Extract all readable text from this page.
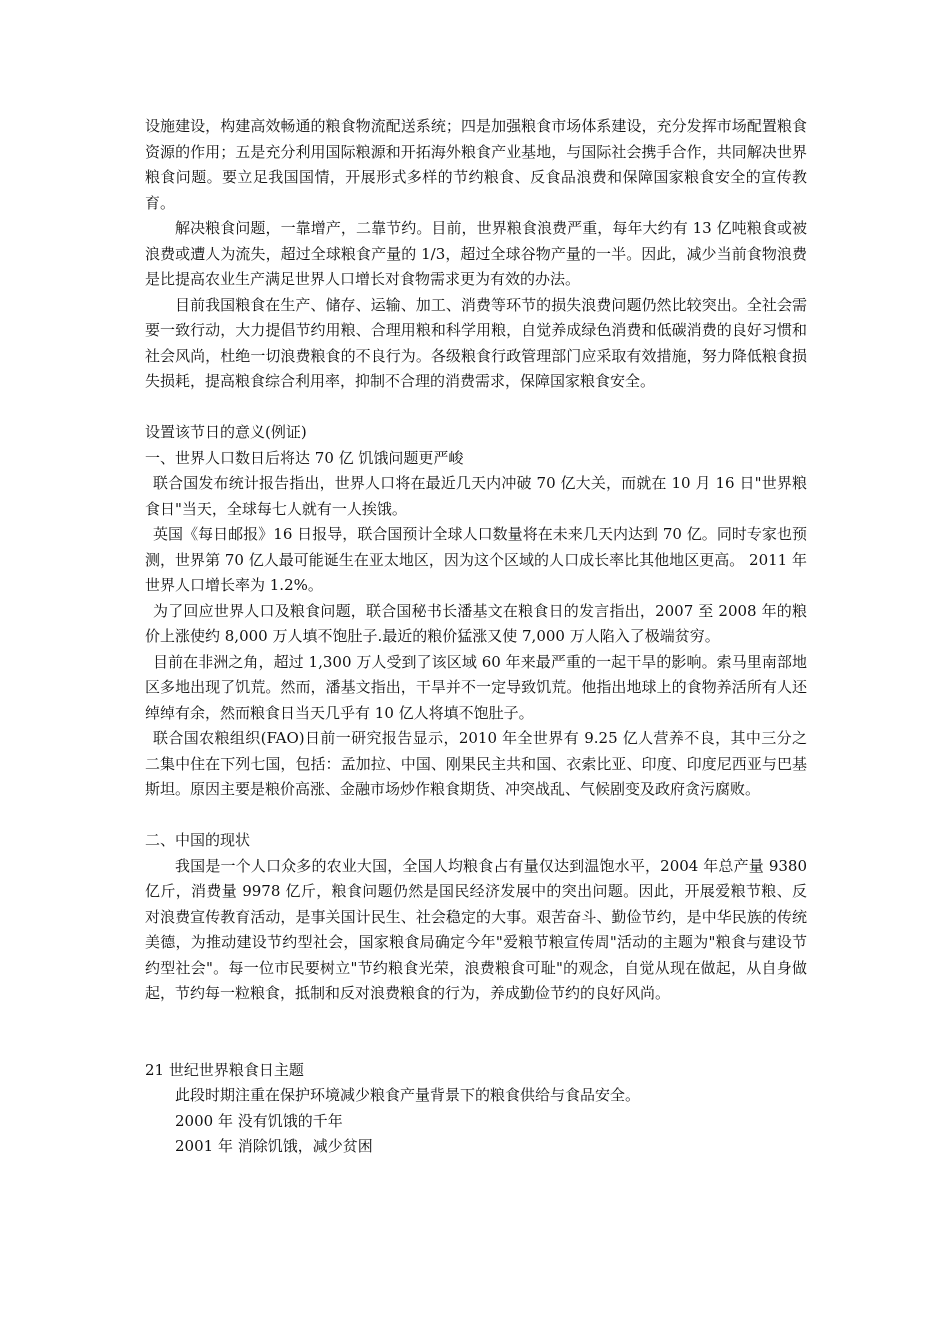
设施建设，构建高效畅通的粮食物流配送系统；四是加强粮食市场体系建设，充分发挥市场配置粮食资源的作用；五是充分利用国际粮源和开拓海外粮食产业基地，与国际社会携手合作，共同解决世界粮食问题。要立足我国国情，开展形式多样的节约粮食、反食品浪费和保障国家粮食安全的宣传教育。

解决粮食问题，一靠增产，二靠节约。目前，世界粮食浪费严重，每年大约有 13 亿吨粮食或被浪费或遭人为流失，超过全球粮食产量的 1/3，超过全球谷物产量的一半。因此，减少当前食物浪费是比提高农业生产满足世界人口增长对食物需求更为有效的办法。

目前我国粮食在生产、储存、运输、加工、消费等环节的损失浪费问题仍然比较突出。全社会需要一致行动，大力提倡节约用粮、合理用粮和科学用粮，自觉养成绿色消费和低碳消费的良好习惯和社会风尚，杜绝一切浪费粮食的不良行为。各级粮食行政管理部门应采取有效措施，努力降低粮食损失损耗，提高粮食综合利用率，抑制不合理的消费需求，保障国家粮食安全。

设置该节日的意义(例证)

一、世界人口数日后将达 70 亿 饥饿问题更严峻

联合国发布统计报告指出，世界人口将在最近几天内冲破 70 亿大关，而就在 10 月 16 日"世界粮食日"当天，全球每七人就有一人挨饿。

英国《每日邮报》16 日报导，联合国预计全球人口数量将在未来几天内达到 70 亿。同时专家也预测，世界第 70 亿人最可能诞生在亚太地区，因为这个区域的人口成长率比其他地区更高。 2011 年世界人口增长率为 1.2%。

为了回应世界人口及粮食问题，联合国秘书长潘基文在粮食日的发言指出，2007 至 2008 年的粮价上涨使约 8,000 万人填不饱肚子.最近的粮价猛涨又使 7,000 万人陷入了极端贫穷。

目前在非洲之角，超过 1,300 万人受到了该区域 60 年来最严重的一起干旱的影响。索马里南部地区多地出现了饥荒。然而，潘基文指出，干旱并不一定导致饥荒。他指出地球上的食物养活所有人还绰绰有余，然而粮食日当天几乎有 10 亿人将填不饱肚子。

联合国农粮组织(FAO)日前一研究报告显示，2010 年全世界有 9.25 亿人营养不良，其中三分之二集中住在下列七国，包括：孟加拉、中国、刚果民主共和国、衣索比亚、印度、印度尼西亚与巴基斯坦。原因主要是粮价高涨、金融市场炒作粮食期货、冲突战乱、气候剧变及政府贪污腐败。

二、中国的现状

我国是一个人口众多的农业大国，全国人均粮食占有量仅达到温饱水平，2004 年总产量 9380 亿斤，消费量 9978 亿斤，粮食问题仍然是国民经济发展中的突出问题。因此，开展爱粮节粮、反对浪费宣传教育活动，是事关国计民生、社会稳定的大事。艰苦奋斗、勤俭节约，是中华民族的传统美德，为推动建设节约型社会，国家粮食局确定今年"爱粮节粮宣传周"活动的主题为"粮食与建设节约型社会"。每一位市民要树立"节约粮食光荣，浪费粮食可耻"的观念，自觉从现在做起，从自身做起，节约每一粒粮食，抵制和反对浪费粮食的行为，养成勤俭节约的良好风尚。

21 世纪世界粮食日主题

此段时期注重在保护环境减少粮食产量背景下的粮食供给与食品安全。

2000 年 没有饥饿的千年

2001 年 消除饥饿，减少贫困
